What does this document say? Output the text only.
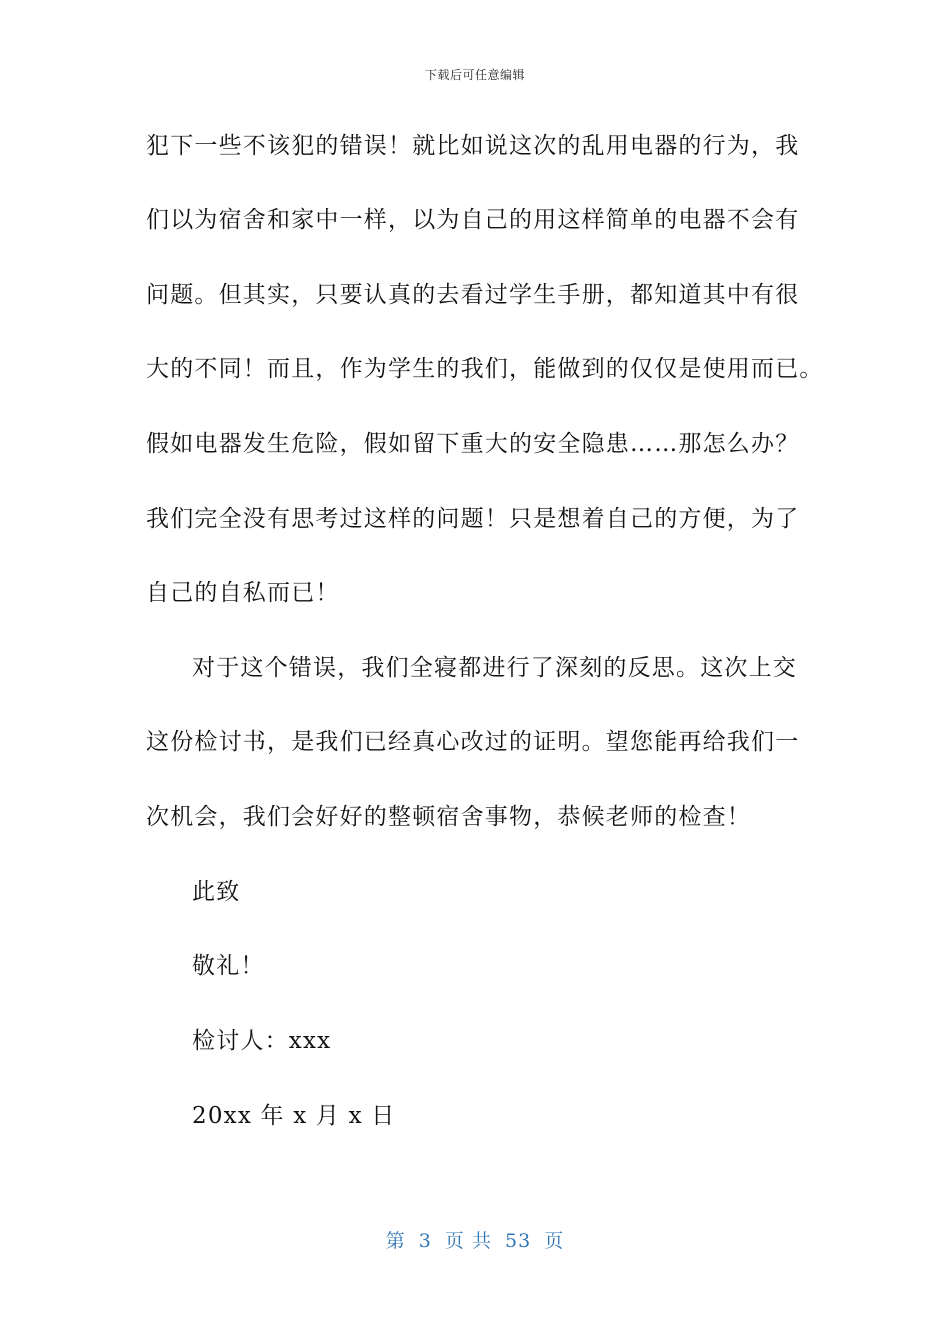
下载后可任意编辑
犯下一些不该犯的错误！就比如说这次的乱用电器的行为，我
们以为宿舍和家中一样，以为自己的用这样简单的电器不会有
问题。但其实，只要认真的去看过学生手册，都知道其中有很
大的不同！而且，作为学生的我们，能做到的仅仅是使用而已。
假如电器发生危险，假如留下重大的安全隐患……那怎么办？
我们完全没有思考过这样的问题！只是想着自己的方便，为了
自己的自私而已！
对于这个错误，我们全寝都进行了深刻的反思。这次上交
这份检讨书，是我们已经真心改过的证明。望您能再给我们一
次机会，我们会好好的整顿宿舍事物，恭候老师的检查！
此致
敬礼！
检讨人：xxx
20xx 年 x 月 x 日
第 3 页 共 53 页
